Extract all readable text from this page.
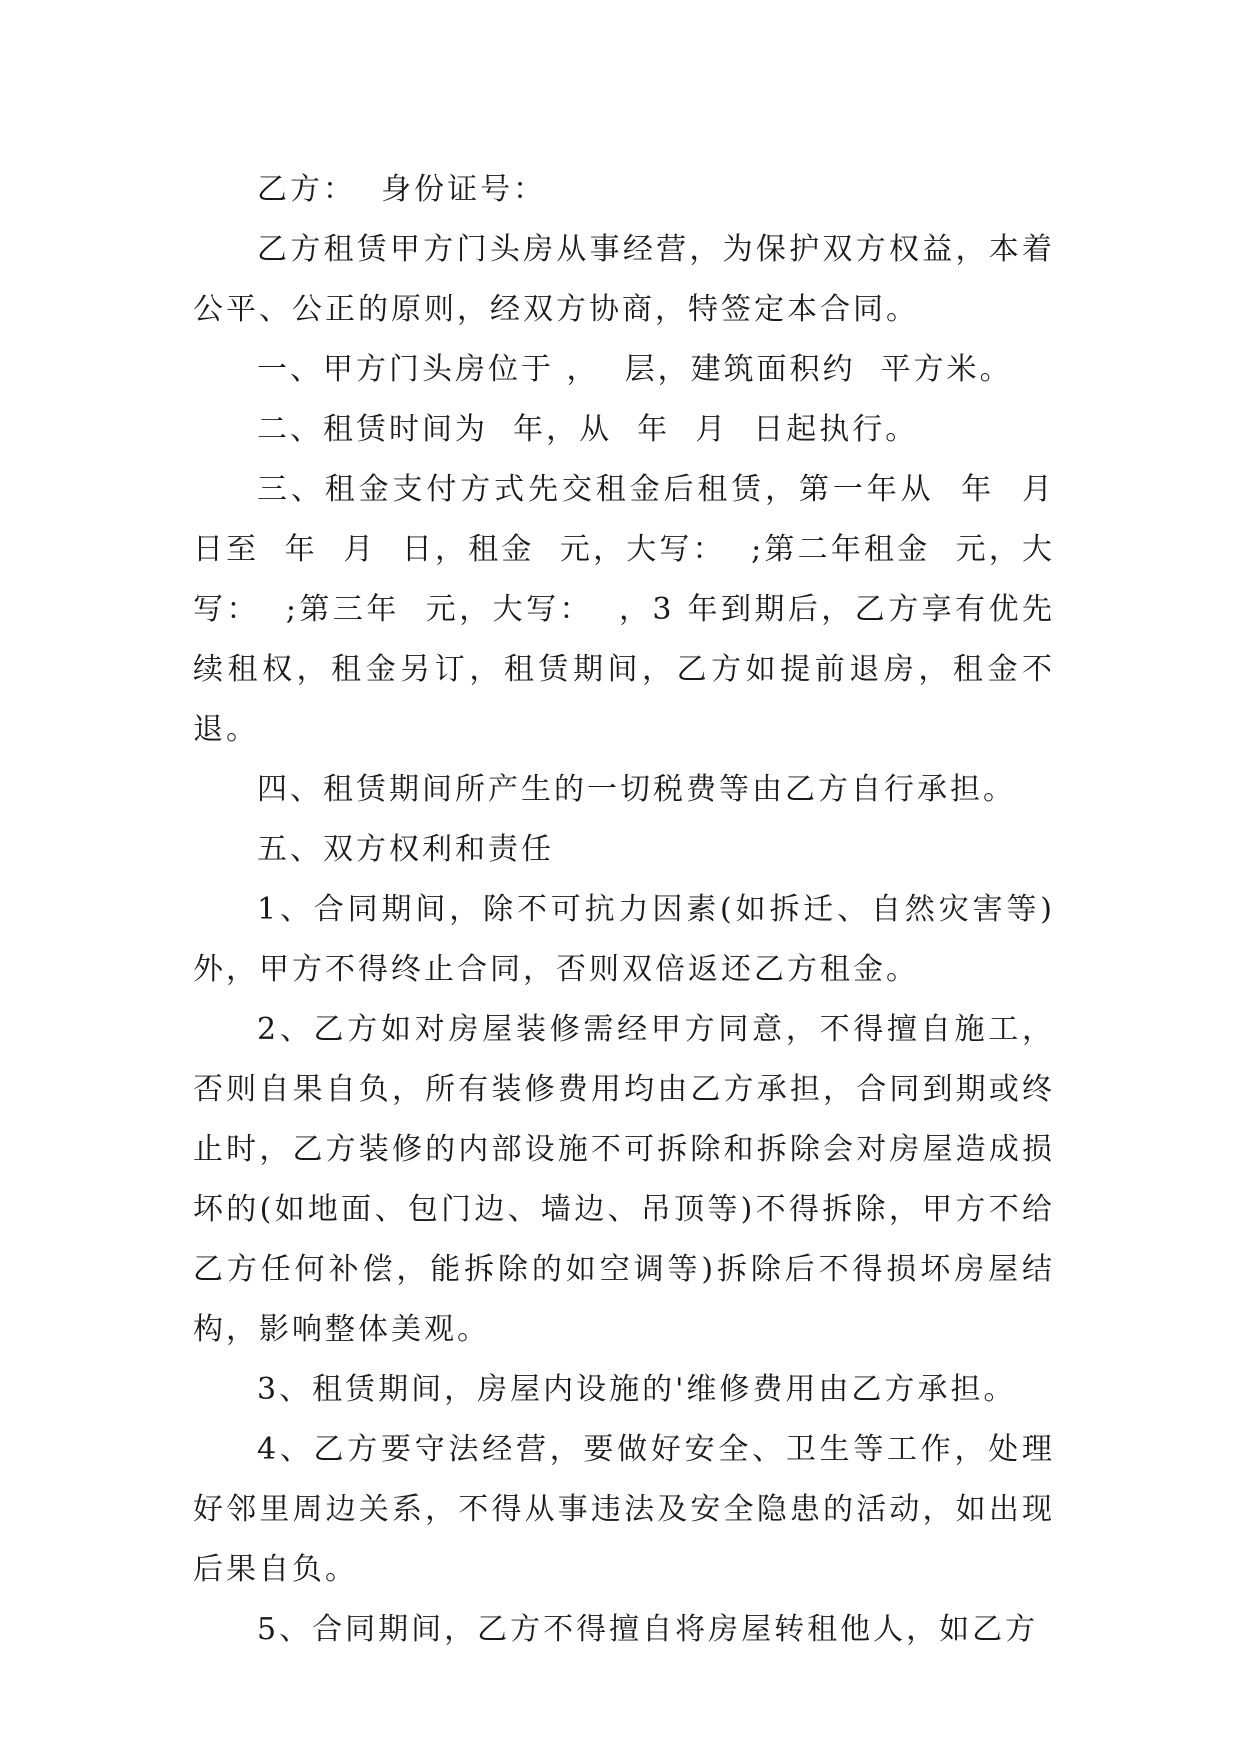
乙方：  身份证号：

乙方租赁甲方门头房从事经营，为保护双方权益，本着公平、公正的原则，经双方协商，特签定本合同。

一、甲方门头房位于 ，  层，建筑面积约  平方米。

二、租赁时间为  年，从  年  月  日起执行。

三、租金支付方式先交租金后租赁，第一年从  年  月  日至  年  月  日，租金  元，大写：  ;第二年租金  元，大写：  ;第三年  元，大写：  ，3 年到期后，乙方享有优先续租权，租金另订，租赁期间，乙方如提前退房，租金不退。

四、租赁期间所产生的一切税费等由乙方自行承担。

五、双方权利和责任

1、合同期间，除不可抗力因素(如拆迁、自然灾害等)外，甲方不得终止合同，否则双倍返还乙方租金。

2、乙方如对房屋装修需经甲方同意，不得擅自施工，否则自果自负，所有装修费用均由乙方承担，合同到期或终止时，乙方装修的内部设施不可拆除和拆除会对房屋造成损坏的(如地面、包门边、墙边、吊顶等)不得拆除，甲方不给乙方任何补偿，能拆除的如空调等)拆除后不得损坏房屋结构，影响整体美观。

3、租赁期间，房屋内设施的'维修费用由乙方承担。

4、乙方要守法经营，要做好安全、卫生等工作，处理好邻里周边关系，不得从事违法及安全隐患的活动，如出现后果自负。

5、合同期间，乙方不得擅自将房屋转租他人，如乙方
